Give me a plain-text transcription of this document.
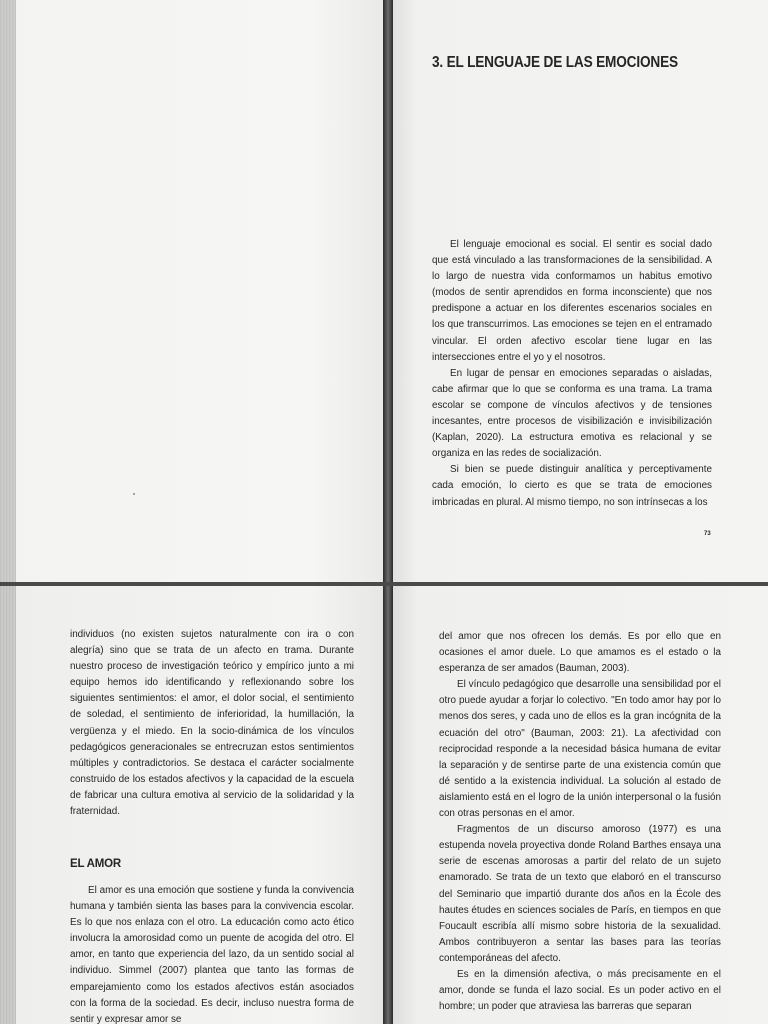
3. EL LENGUAJE DE LAS EMOCIONES

El lenguaje emocional es social. El sentir es social dado que está vinculado a las transformaciones de la sensibilidad. A lo largo de nuestra vida conformamos un habitus emotivo (modos de sentir aprendidos en forma inconsciente) que nos predispone a actuar en los diferentes escenarios sociales en los que transcurrimos. Las emociones se tejen en el entramado vincular. El orden afectivo escolar tiene lugar en las intersecciones entre el yo y el nosotros.

En lugar de pensar en emociones separadas o aisladas, cabe afirmar que lo que se conforma es una trama. La trama escolar se compone de vínculos afectivos y de tensiones incesantes, entre procesos de visibilización e invisibilización (Kaplan, 2020). La estructura emotiva es relacional y se organiza en las redes de socialización.

Si bien se puede distinguir analítica y perceptivamente cada emoción, lo cierto es que se trata de emociones imbricadas en plural. Al mismo tiempo, no son intrínsecas a los

73

individuos (no existen sujetos naturalmente con ira o con alegría) sino que se trata de un afecto en trama. Durante nuestro proceso de investigación teórico y empírico junto a mi equipo hemos ido identificando y reflexionando sobre los siguientes sentimientos: el amor, el dolor social, el sentimiento de soledad, el sentimiento de inferioridad, la humillación, la vergüenza y el miedo. En la socio-dinámica de los vínculos pedagógicos generacionales se entrecruzan estos sentimientos múltiples y contradictorios. Se destaca el carácter socialmente construido de los estados afectivos y la capacidad de la escuela de fabricar una cultura emotiva al servicio de la solidaridad y la fraternidad.

EL AMOR

El amor es una emoción que sostiene y funda la convivencia humana y también sienta las bases para la convivencia escolar. Es lo que nos enlaza con el otro. La educación como acto ético involucra la amorosidad como un puente de acogida del otro. El amor, en tanto que experiencia del lazo, da un sentido social al individuo. Simmel (2007) plantea que tanto las formas de emparejamiento como los estados afectivos están asociados con la forma de la sociedad. Es decir, incluso nuestra forma de sentir y expresar amor se

del amor que nos ofrecen los demás. Es por ello que en ocasiones el amor duele. Lo que amamos es el estado o la esperanza de ser amados (Bauman, 2003).

El vínculo pedagógico que desarrolle una sensibilidad por el otro puede ayudar a forjar lo colectivo. "En todo amor hay por lo menos dos seres, y cada uno de ellos es la gran incógnita de la ecuación del otro" (Bauman, 2003: 21). La afectividad con reciprocidad responde a la necesidad básica humana de evitar la separación y de sentirse parte de una existencia común que dé sentido a la existencia individual. La solución al estado de aislamiento está en el logro de la unión interpersonal o la fusión con otras personas en el amor.

Fragmentos de un discurso amoroso (1977) es una estupenda novela proyectiva donde Roland Barthes ensaya una serie de escenas amorosas a partir del relato de un sujeto enamorado. Se trata de un texto que elaboró en el transcurso del Seminario que impartió durante dos años en la École des hautes études en sciences sociales de París, en tiempos en que Foucault escribía allí mismo sobre historia de la sexualidad. Ambos contribuyeron a sentar las bases para las teorías contemporáneas del afecto.

Es en la dimensión afectiva, o más precisamente en el amor, donde se funda el lazo social. Es un poder activo en el hombre; un poder que atraviesa las barreras que separan
